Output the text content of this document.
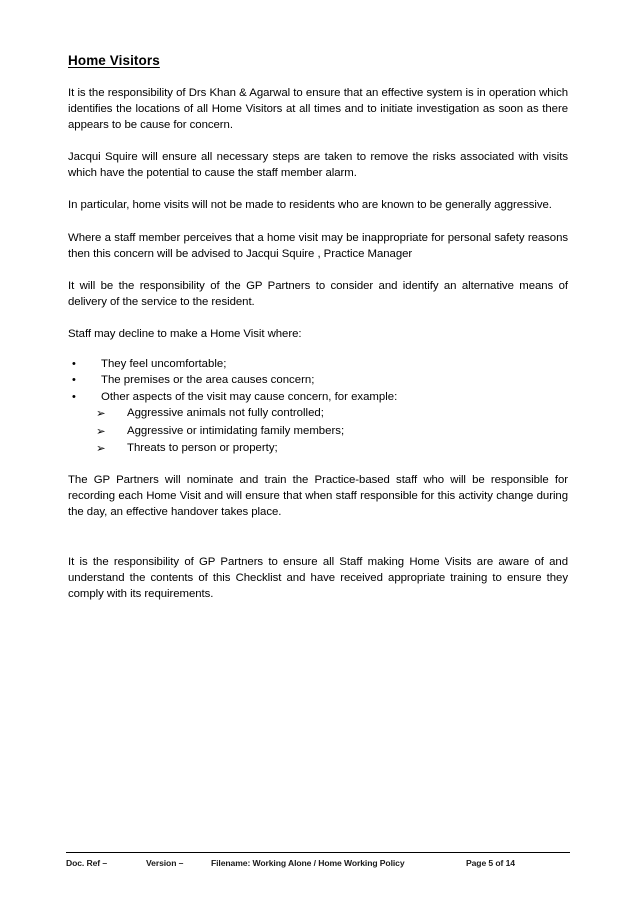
Home Visitors

It is the responsibility of Drs Khan & Agarwal to ensure that an effective system is in operation which identifies the locations of all Home Visitors at all times and to initiate investigation as soon as there appears to be cause for concern.

Jacqui Squire will ensure all necessary steps are taken to remove the risks associated with visits which have the potential to cause the staff member alarm.

In particular, home visits will not be made to residents who are known to be generally aggressive.

Where a staff member perceives that a home visit may be inappropriate for personal safety reasons then this concern will be advised to Jacqui Squire , Practice Manager

It will be the responsibility of the GP Partners to consider and identify an alternative means of delivery of the service to the resident.

Staff may decline to make a Home Visit where:

• They feel uncomfortable;
• The premises or the area causes concern;
• Other aspects of the visit may cause concern, for example:
➢ Aggressive animals not fully controlled;
➢ Aggressive or intimidating family members;
➢ Threats to person or property;

The GP Partners will nominate and train the Practice-based staff who will be responsible for recording each Home Visit and will ensure that when staff responsible for this activity change during the day, an effective handover takes place.

It is the responsibility of GP Partners to ensure all Staff making Home Visits are aware of and understand the contents of this Checklist and have received appropriate training to ensure they comply with its requirements.

Doc. Ref –	Version –	Filename: Working Alone / Home Working Policy	Page 5 of 14
